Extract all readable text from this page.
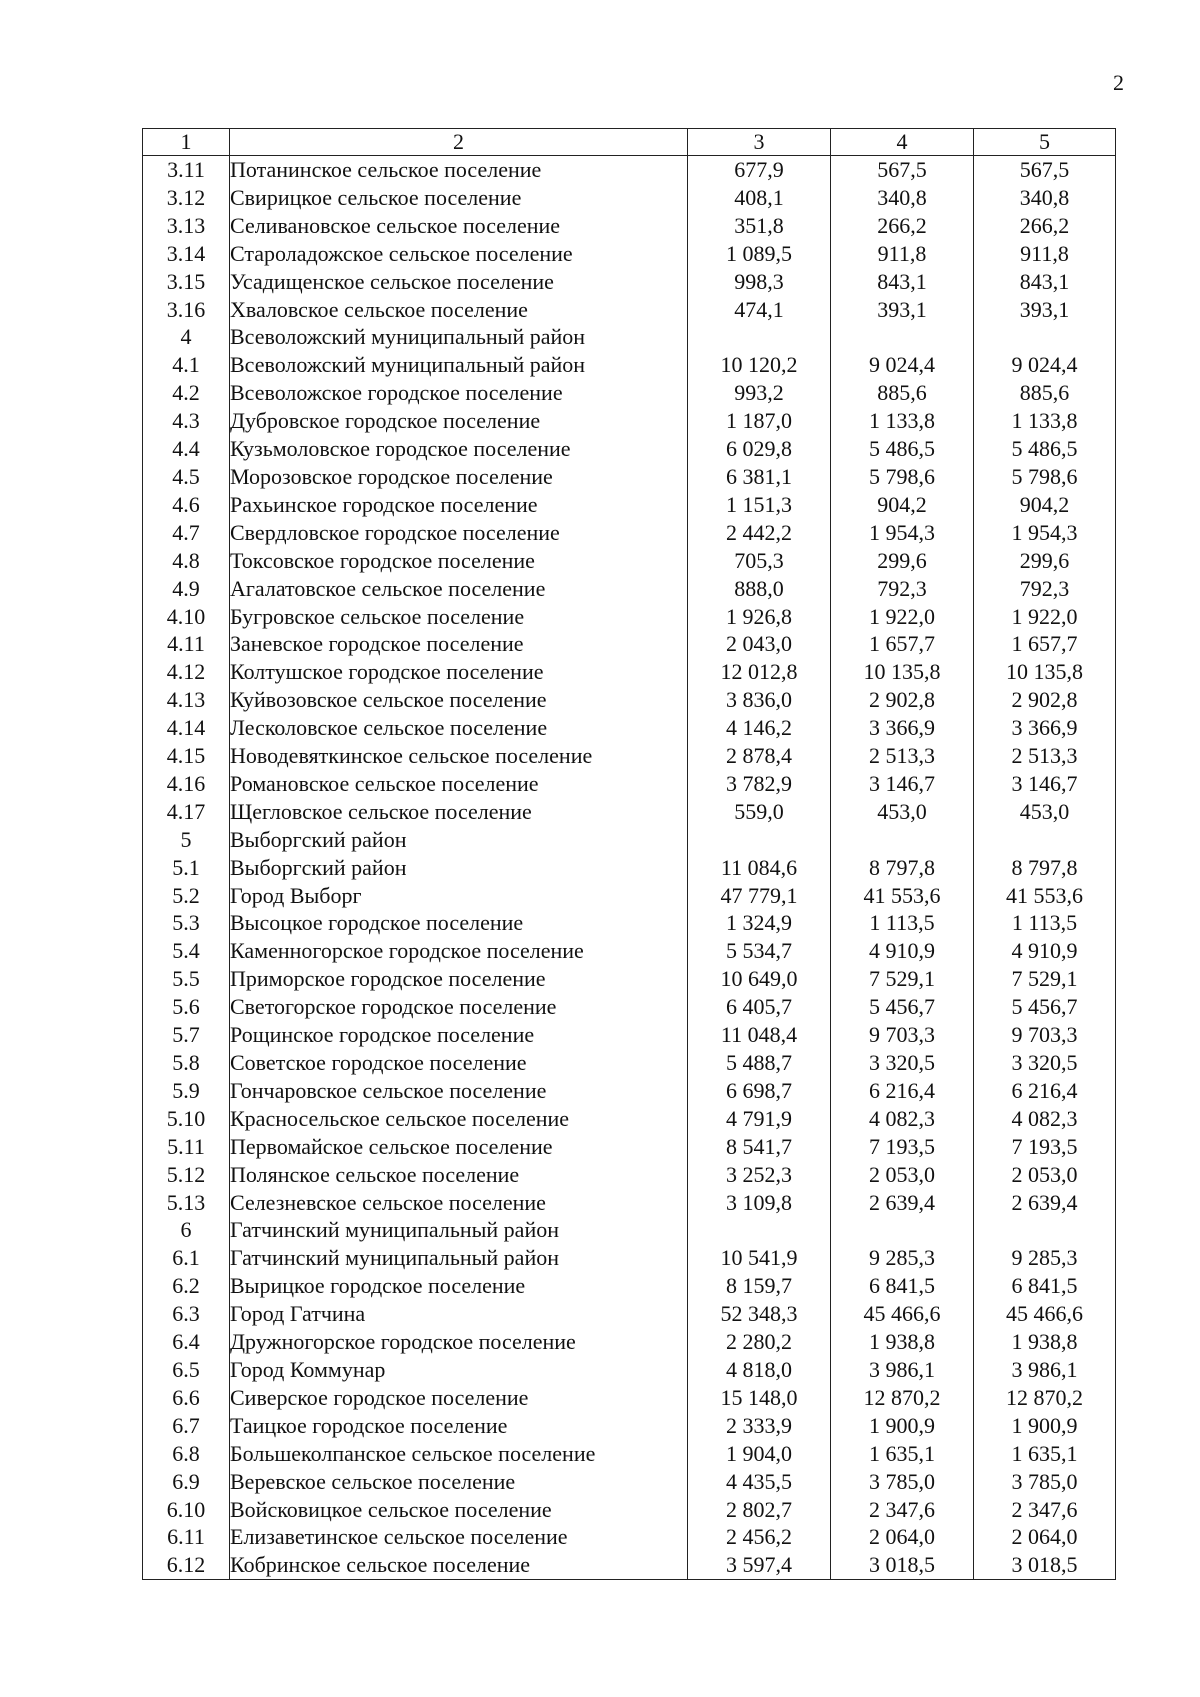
2
1	2	3	4	5
3.11	Потанинское сельское поселение	677,9	567,5	567,5
3.12	Свирицкое сельское поселение	408,1	340,8	340,8
3.13	Селивановское сельское поселение	351,8	266,2	266,2
3.14	Староладожское сельское поселение	1 089,5	911,8	911,8
3.15	Усадищенское сельское поселение	998,3	843,1	843,1
3.16	Хваловское сельское поселение	474,1	393,1	393,1
4	Всеволожский муниципальный район			
4.1	Всеволожский муниципальный район	10 120,2	9 024,4	9 024,4
4.2	Всеволожское городское поселение	993,2	885,6	885,6
4.3	Дубровское городское поселение	1 187,0	1 133,8	1 133,8
4.4	Кузьмоловское городское поселение	6 029,8	5 486,5	5 486,5
4.5	Морозовское городское поселение	6 381,1	5 798,6	5 798,6
4.6	Рахьинское городское поселение	1 151,3	904,2	904,2
4.7	Свердловское городское поселение	2 442,2	1 954,3	1 954,3
4.8	Токсовское городское поселение	705,3	299,6	299,6
4.9	Агалатовское сельское поселение	888,0	792,3	792,3
4.10	Бугровское сельское поселение	1 926,8	1 922,0	1 922,0
4.11	Заневское городское поселение	2 043,0	1 657,7	1 657,7
4.12	Колтушское городское поселение	12 012,8	10 135,8	10 135,8
4.13	Куйвозовское сельское поселение	3 836,0	2 902,8	2 902,8
4.14	Лесколовское сельское поселение	4 146,2	3 366,9	3 366,9
4.15	Новодевяткинское сельское поселение	2 878,4	2 513,3	2 513,3
4.16	Романовское сельское поселение	3 782,9	3 146,7	3 146,7
4.17	Щегловское сельское поселение	559,0	453,0	453,0
5	Выборгский район			
5.1	Выборгский район	11 084,6	8 797,8	8 797,8
5.2	Город Выборг	47 779,1	41 553,6	41 553,6
5.3	Высоцкое городское поселение	1 324,9	1 113,5	1 113,5
5.4	Каменногорское городское поселение	5 534,7	4 910,9	4 910,9
5.5	Приморское городское поселение	10 649,0	7 529,1	7 529,1
5.6	Светогорское городское поселение	6 405,7	5 456,7	5 456,7
5.7	Рощинское городское поселение	11 048,4	9 703,3	9 703,3
5.8	Советское городское поселение	5 488,7	3 320,5	3 320,5
5.9	Гончаровское сельское поселение	6 698,7	6 216,4	6 216,4
5.10	Красносельское сельское поселение	4 791,9	4 082,3	4 082,3
5.11	Первомайское сельское поселение	8 541,7	7 193,5	7 193,5
5.12	Полянское сельское поселение	3 252,3	2 053,0	2 053,0
5.13	Селезневское сельское поселение	3 109,8	2 639,4	2 639,4
6	Гатчинский муниципальный район			
6.1	Гатчинский муниципальный район	10 541,9	9 285,3	9 285,3
6.2	Вырицкое городское поселение	8 159,7	6 841,5	6 841,5
6.3	Город Гатчина	52 348,3	45 466,6	45 466,6
6.4	Дружногорское городское поселение	2 280,2	1 938,8	1 938,8
6.5	Город Коммунар	4 818,0	3 986,1	3 986,1
6.6	Сиверское городское поселение	15 148,0	12 870,2	12 870,2
6.7	Таицкое городское поселение	2 333,9	1 900,9	1 900,9
6.8	Большеколпанское сельское поселение	1 904,0	1 635,1	1 635,1
6.9	Веревское сельское поселение	4 435,5	3 785,0	3 785,0
6.10	Войсковицкое сельское поселение	2 802,7	2 347,6	2 347,6
6.11	Елизаветинское сельское поселение	2 456,2	2 064,0	2 064,0
6.12	Кобринское сельское поселение	3 597,4	3 018,5	3 018,5
